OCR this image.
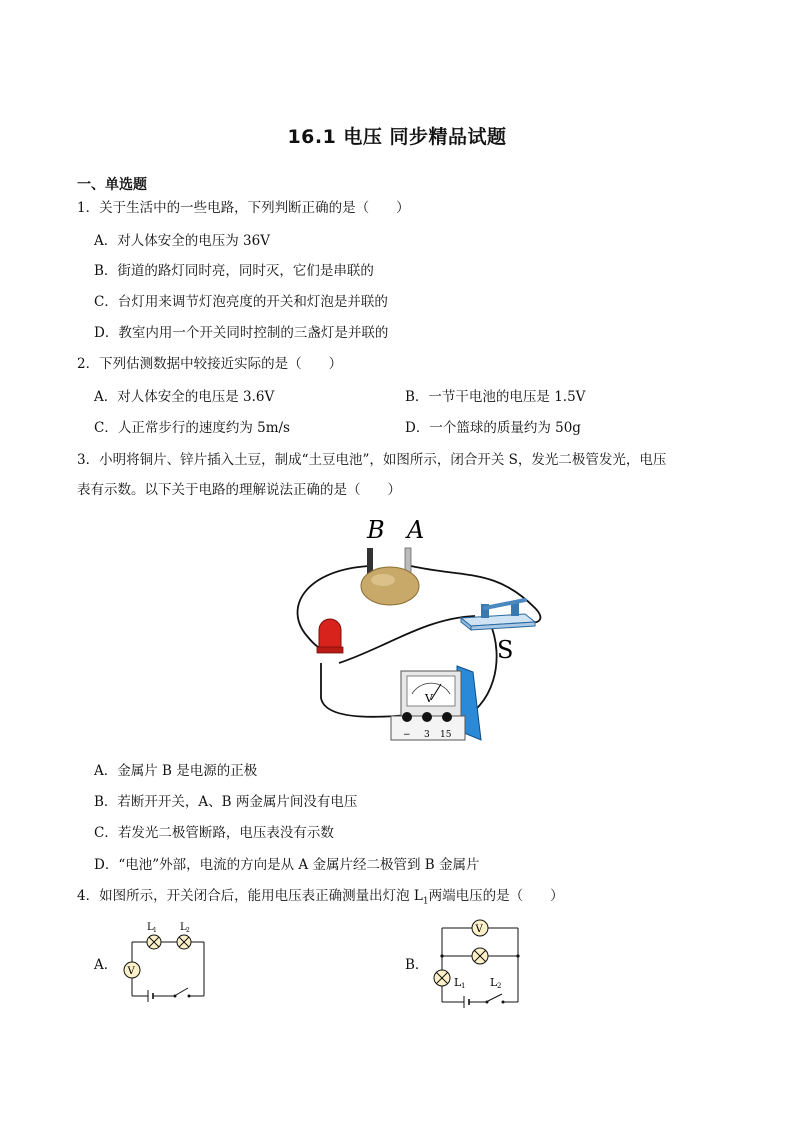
16.1 电压 同步精品试题
一、单选题
1．关于生活中的一些电路，下列判断正确的是（　　）
A．对人体安全的电压为 36V
B．街道的路灯同时亮，同时灭，它们是串联的
C．台灯用来调节灯泡亮度的开关和灯泡是并联的
D．教室内用一个开关同时控制的三盏灯是并联的
2．下列估测数据中较接近实际的是（　　）
A．对人体安全的电压是 3.6V	B．一节干电池的电压是 1.5V
C．人正常步行的速度约为 5m/s	D．一个篮球的质量约为 50g
3．小明将铜片、锌片插入土豆，制成“土豆电池”，如图所示，闭合开关 S，发光二极管发光，电压
表有示数。以下关于电路的理解说法正确的是（　　）
B A
S
V
− 3 15
A．金属片 B 是电源的正极
B．若断开开关，A、B 两金属片间没有电压
C．若发光二极管断路，电压表没有示数
D．“电池”外部，电流的方向是从 A 金属片经二极管到 B 金属片
4．如图所示，开关闭合后，能用电压表正确测量出灯泡 $L_1$两端电压的是（　　）
A． V
L 1 L 2
B．
V
L 1 L 2
